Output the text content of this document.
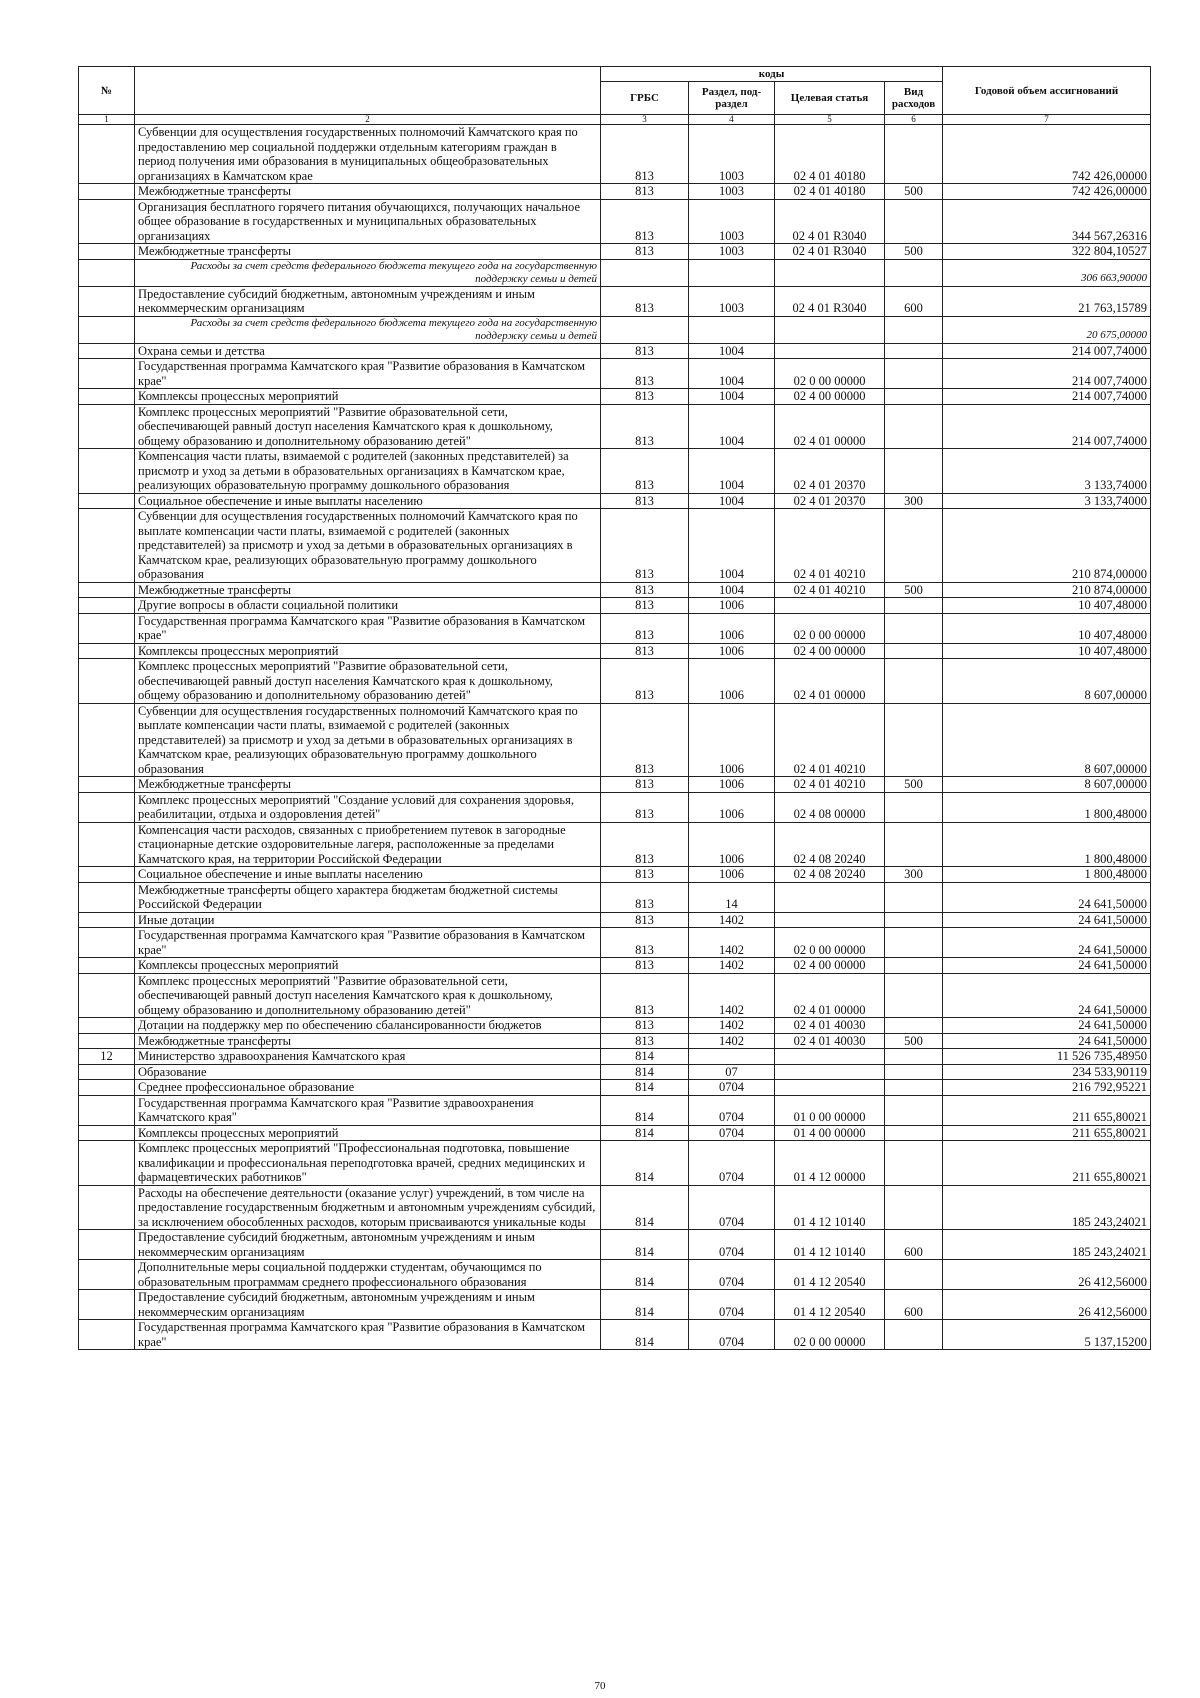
№		коды				Годовой объем ассигнований
		ГРБС	Раздел, под-раздел	Целевая статья	Вид расходов	
1	2	3	4	5	6	7
	Субвенции для осуществления государственных полномочий Камчатского края по предоставлению мер социальной поддержки отдельным категориям граждан в период получения ими образования в муниципальных общеобразовательных организациях в Камчатском крае	813	1003	02 4 01 40180		742 426,00000
	Межбюджетные трансферты	813	1003	02 4 01 40180	500	742 426,00000
	Организация бесплатного горячего питания обучающихся, получающих начальное общее образование в государственных и муниципальных образовательных организациях	813	1003	02 4 01 R3040		344 567,26316
	Межбюджетные трансферты	813	1003	02 4 01 R3040	500	322 804,10527
	Расходы за счет средств федерального бюджета текущего года на государственную поддержку семьи и детей					306 663,90000
	Предоставление субсидий бюджетным, автономным учреждениям и иным некоммерческим организациям	813	1003	02 4 01 R3040	600	21 763,15789
	Расходы за счет средств федерального бюджета текущего года на государственную поддержку семьи и детей					20 675,00000
	Охрана семьи и детства	813	1004			214 007,74000
	Государственная программа Камчатского края "Развитие образования в Камчатском крае"	813	1004	02 0 00 00000		214 007,74000
	Комплексы процессных мероприятий	813	1004	02 4 00 00000		214 007,74000
	Комплекс процессных мероприятий "Развитие образовательной сети, обеспечивающей равный доступ населения Камчатского края к дошкольному, общему образованию и дополнительному образованию детей"	813	1004	02 4 01 00000		214 007,74000
	Компенсация части платы, взимаемой с родителей (законных представителей) за присмотр и уход за детьми в образовательных организациях в Камчатском крае, реализующих образовательную программу дошкольного образования	813	1004	02 4 01 20370		3 133,74000
	Социальное обеспечение и иные выплаты населению	813	1004	02 4 01 20370	300	3 133,74000
	Субвенции для осуществления государственных полномочий Камчатского края по выплате компенсации части платы, взимаемой с родителей (законных представителей) за присмотр и уход за детьми в образовательных организациях в Камчатском крае, реализующих образовательную программу дошкольного образования	813	1004	02 4 01 40210		210 874,00000
	Межбюджетные трансферты	813	1004	02 4 01 40210	500	210 874,00000
	Другие вопросы в области социальной политики	813	1006			10 407,48000
	Государственная программа Камчатского края "Развитие образования в Камчатском крае"	813	1006	02 0 00 00000		10 407,48000
	Комплексы процессных мероприятий	813	1006	02 4 00 00000		10 407,48000
	Комплекс процессных мероприятий "Развитие образовательной сети, обеспечивающей равный доступ населения Камчатского края к дошкольному, общему образованию и дополнительному образованию детей"	813	1006	02 4 01 00000		8 607,00000
	Субвенции для осуществления государственных полномочий Камчатского края по выплате компенсации части платы, взимаемой с родителей (законных представителей) за присмотр и уход за детьми в образовательных организациях в Камчатском крае, реализующих образовательную программу дошкольного образования	813	1006	02 4 01 40210		8 607,00000
	Межбюджетные трансферты	813	1006	02 4 01 40210	500	8 607,00000
	Комплекс процессных мероприятий "Создание условий для сохранения здоровья, реабилитации, отдыха и оздоровления детей"	813	1006	02 4 08 00000		1 800,48000
	Компенсация части расходов, связанных с приобретением путевок в загородные стационарные детские оздоровительные лагеря, расположенные за пределами Камчатского края, на территории Российской Федерации	813	1006	02 4 08 20240		1 800,48000
	Социальное обеспечение и иные выплаты населению	813	1006	02 4 08 20240	300	1 800,48000
	Межбюджетные трансферты общего характера бюджетам бюджетной системы Российской Федерации	813	14			24 641,50000
	Иные дотации	813	1402			24 641,50000
	Государственная программа Камчатского края "Развитие образования в Камчатском крае"	813	1402	02 0 00 00000		24 641,50000
	Комплексы процессных мероприятий	813	1402	02 4 00 00000		24 641,50000
	Комплекс процессных мероприятий "Развитие образовательной сети, обеспечивающей равный доступ населения Камчатского края к дошкольному, общему образованию и дополнительному образованию детей"	813	1402	02 4 01 00000		24 641,50000
	Дотации на поддержку мер по обеспечению сбалансированности бюджетов	813	1402	02 4 01 40030		24 641,50000
	Межбюджетные трансферты	813	1402	02 4 01 40030	500	24 641,50000
12	Министерство здравоохранения Камчатского края	814				11 526 735,48950
	Образование	814	07			234 533,90119
	Среднее профессиональное образование	814	0704			216 792,95221
	Государственная программа Камчатского края "Развитие здравоохранения Камчатского края"	814	0704	01 0 00 00000		211 655,80021
	Комплексы процессных мероприятий	814	0704	01 4 00 00000		211 655,80021
	Комплекс процессных мероприятий "Профессиональная подготовка, повышение квалификации и профессиональная переподготовка врачей, средних медицинских и фармацевтических работников"	814	0704	01 4 12 00000		211 655,80021
	Расходы на обеспечение деятельности (оказание услуг) учреждений, в том числе на предоставление государственным бюджетным и автономным учреждениям субсидий, за исключением обособленных расходов, которым присваиваются уникальные коды	814	0704	01 4 12 10140		185 243,24021
	Предоставление субсидий бюджетным, автономным учреждениям и иным некоммерческим организациям	814	0704	01 4 12 10140	600	185 243,24021
	Дополнительные меры социальной поддержки студентам, обучающимся по образовательным программам среднего профессионального образования	814	0704	01 4 12 20540		26 412,56000
	Предоставление субсидий бюджетным, автономным учреждениям и иным некоммерческим организациям	814	0704	01 4 12 20540	600	26 412,56000
	Государственная программа Камчатского края "Развитие образования в Камчатском крае"	814	0704	02 0 00 00000		5 137,15200
70
